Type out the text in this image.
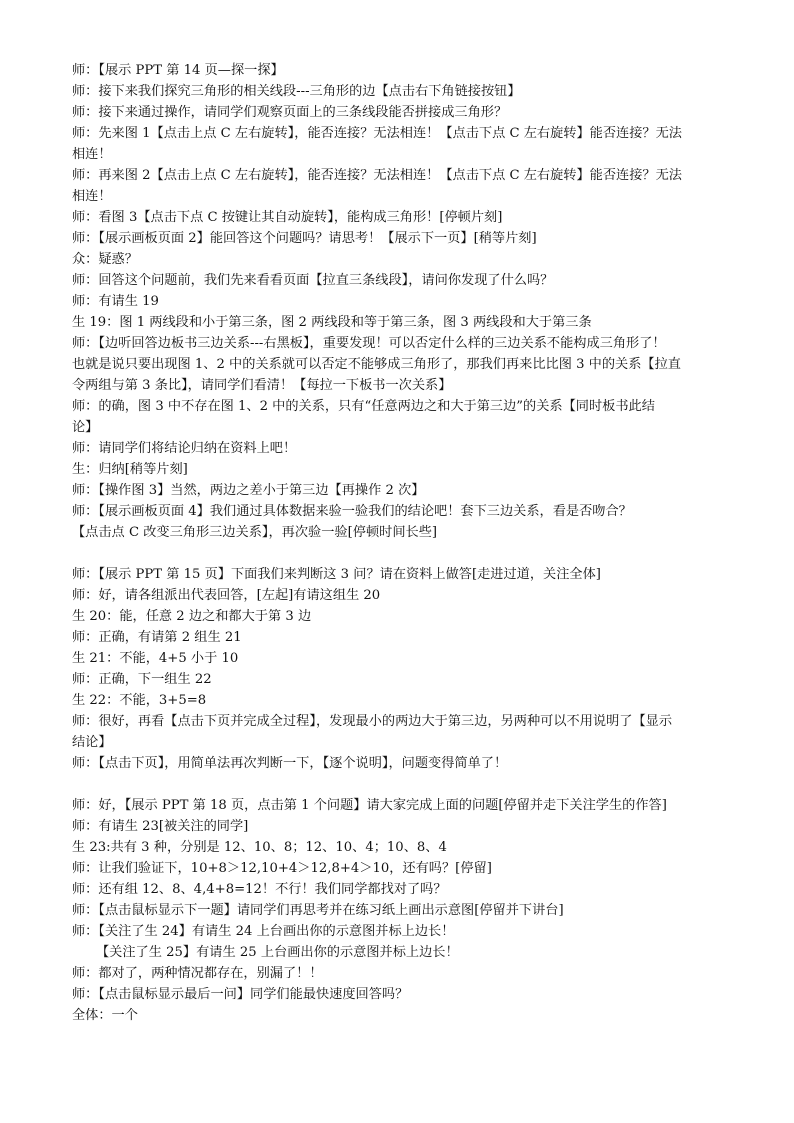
师：【展示 PPT 第 14 页—探一探】
师：接下来我们探究三角形的相关线段---三角形的边【点击右下角链接按钮】
师：接下来通过操作，请同学们观察页面上的三条线段能否拼接成三角形？
师：先来图 1【点击上点 C 左右旋转】，能否连接？无法相连！【点击下点 C 左右旋转】能否连接？无法
相连！
师：再来图 2【点击上点 C 左右旋转】，能否连接？无法相连！【点击下点 C 左右旋转】能否连接？无法
相连！
师：看图 3【点击下点 C 按键让其自动旋转】，能构成三角形！[停顿片刻]
师：【展示画板页面 2】能回答这个问题吗？请思考！【展示下一页】[稍等片刻]
众：疑惑？
师：回答这个问题前，我们先来看看页面【拉直三条线段】，请问你发现了什么吗？
师：有请生 19
生 19：图 1 两线段和小于第三条，图 2 两线段和等于第三条，图 3 两线段和大于第三条
师：【边听回答边板书三边关系---右黑板】，重要发现！可以否定什么样的三边关系不能构成三角形了！
也就是说只要出现图 1、2 中的关系就可以否定不能够成三角形了，那我们再来比比图 3 中的关系【拉直
令两组与第 3 条比】，请同学们看清！【每拉一下板书一次关系】
师：的确，图 3 中不存在图 1、2 中的关系，只有“任意两边之和大于第三边”的关系【同时板书此结
论】
师：请同学们将结论归纳在资料上吧！
生：归纳[稍等片刻]
师：【操作图 3】当然，两边之差小于第三边【再操作 2 次】
师：【展示画板页面 4】我们通过具体数据来验一验我们的结论吧！套下三边关系，看是否吻合？
【点击点 C 改变三角形三边关系】，再次验一验[停顿时间长些]
师：【展示 PPT 第 15 页】下面我们来判断这 3 问？请在资料上做答[走进过道，关注全体]
师：好，请各组派出代表回答，[左起]有请这组生 20
生 20：能，任意 2 边之和都大于第 3 边
师：正确，有请第 2 组生 21
生 21：不能，4+5 小于 10
师：正确，下一组生 22
生 22：不能，3+5=8
师：很好，再看【点击下页并完成全过程】，发现最小的两边大于第三边，另两种可以不用说明了【显示
结论】
师：【点击下页】，用简单法再次判断一下，【逐个说明】，问题变得简单了！
师：好，【展示 PPT 第 18 页，点击第 1 个问题】请大家完成上面的问题[停留并走下关注学生的作答]
师：有请生 23[被关注的同学]
生 23:共有 3 种，分别是 12、10、8；12、10、4；10、8、4
师：让我们验证下，10+8＞12,10+4＞12,8+4＞10，还有吗？[停留]
师：还有组 12、8、4,4+8=12！不行！我们同学都找对了吗？
师：【点击鼠标显示下一题】请同学们再思考并在练习纸上画出示意图[停留并下讲台]
师：【关注了生 24】有请生 24 上台画出你的示意图并标上边长！
【关注了生 25】有请生 25 上台画出你的示意图并标上边长！
师：都对了，两种情况都存在，别漏了！！
师：【点击鼠标显示最后一问】同学们能最快速度回答吗？
全体：一个
